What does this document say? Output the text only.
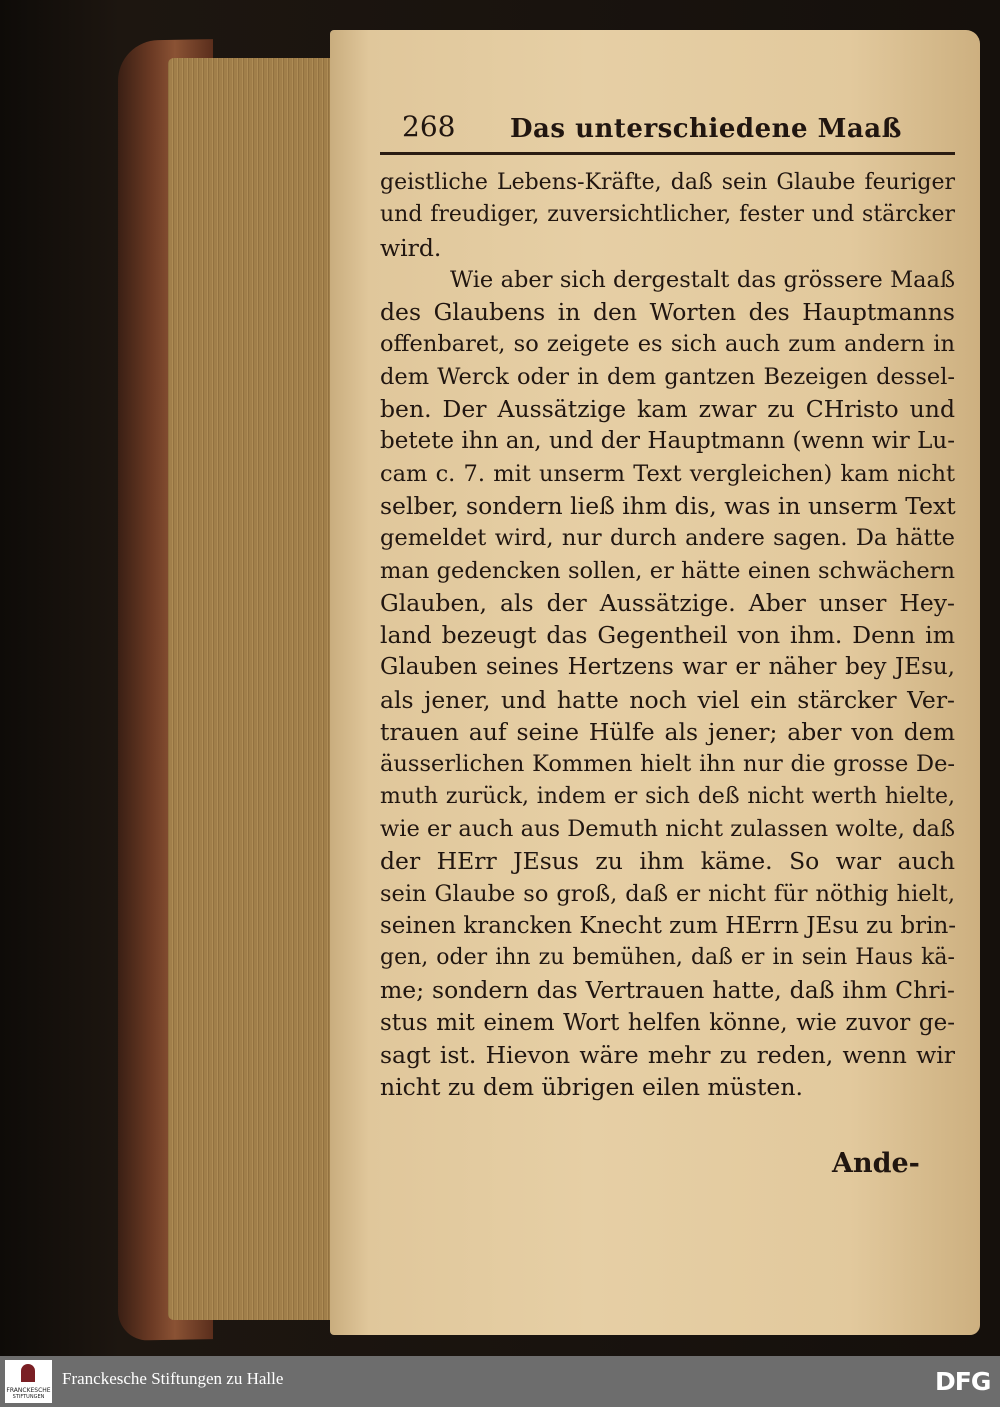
268 Das unterschiedene Maaß
geistliche Lebens-Kräfte, daß sein Glaube feuriger
und freudiger, zuversichtlicher, fester und stärcker
wird.
Wie aber sich dergestalt das grössere Maaß
des Glaubens in den Worten des Hauptmanns
offenbaret, so zeigete es sich auch zum andern in
dem Werck oder in dem gantzen Bezeigen dessel-
ben. Der Aussätzige kam zwar zu CHristo und
betete ihn an, und der Hauptmann (wenn wir Lu-
cam c. 7. mit unserm Text vergleichen) kam nicht
selber, sondern ließ ihm dis, was in unserm Text
gemeldet wird, nur durch andere sagen. Da hätte
man gedencken sollen, er hätte einen schwächern
Glauben, als der Aussätzige. Aber unser Hey-
land bezeugt das Gegentheil von ihm. Denn im
Glauben seines Hertzens war er näher bey JEsu,
als jener, und hatte noch viel ein stärcker Ver-
trauen auf seine Hülfe als jener; aber von dem
äusserlichen Kommen hielt ihn nur die grosse De-
muth zurück, indem er sich deß nicht werth hielte,
wie er auch aus Demuth nicht zulassen wolte, daß
der HErr JEsus zu ihm käme. So war auch
sein Glaube so groß, daß er nicht für nöthig hielt,
seinen krancken Knecht zum HErrn JEsu zu brin-
gen, oder ihn zu bemühen, daß er in sein Haus kä-
me; sondern das Vertrauen hatte, daß ihm Chri-
stus mit einem Wort helfen könne, wie zuvor ge-
sagt ist. Hievon wäre mehr zu reden, wenn wir
nicht zu dem übrigen eilen müsten.
Ande-
FRANCKESCHE
STIFTUNGEN
Franckesche Stiftungen zu Halle	DFG
